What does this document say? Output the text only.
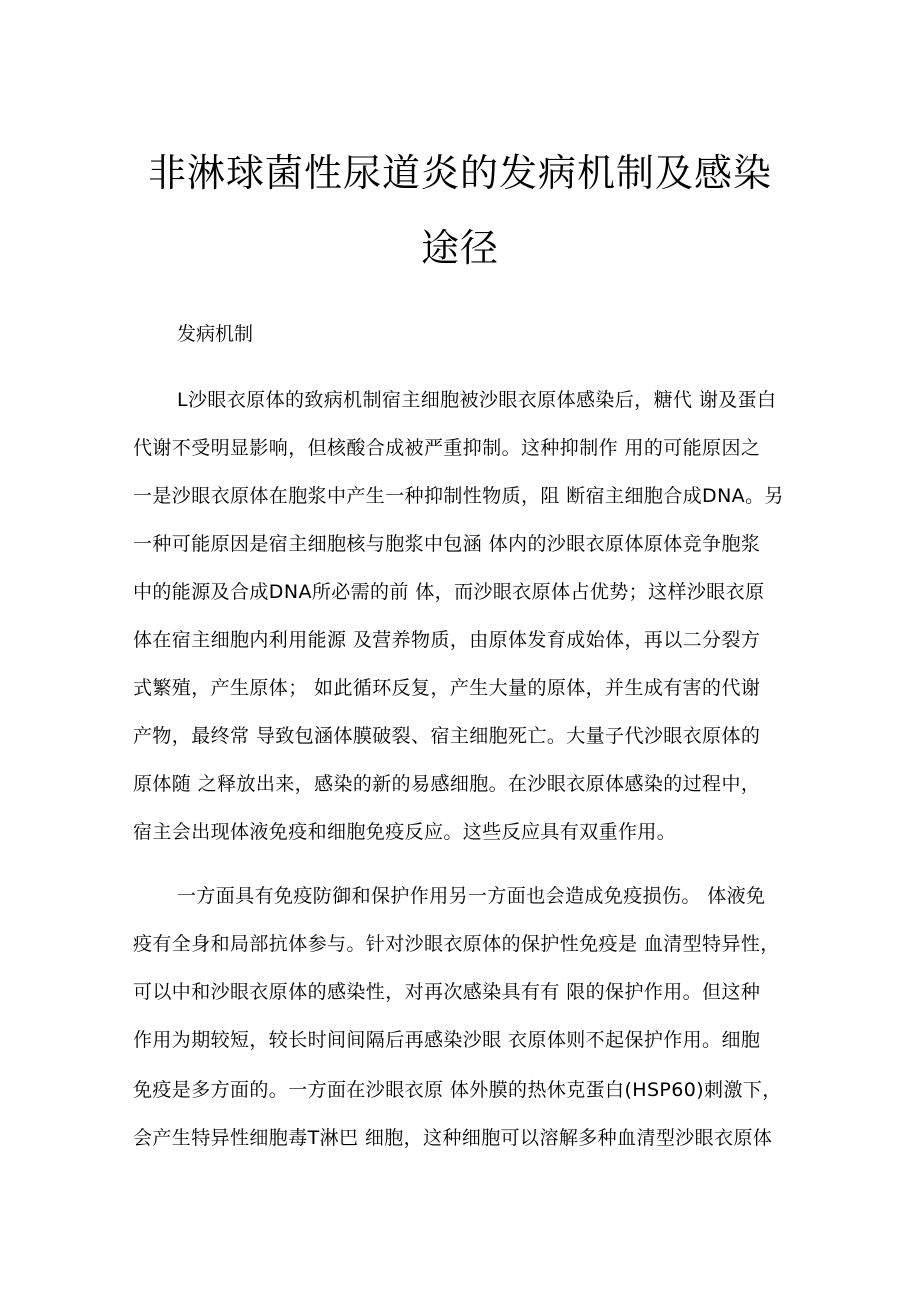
非淋球菌性尿道炎的发病机制及感染
途径
发病机制
L沙眼衣原体的致病机制宿主细胞被沙眼衣原体感染后，糖代 谢及蛋白
代谢不受明显影响，但核酸合成被严重抑制。这种抑制作 用的可能原因之
一是沙眼衣原体在胞浆中产生一种抑制性物质，阻 断宿主细胞合成DNA。另
一种可能原因是宿主细胞核与胞浆中包涵 体内的沙眼衣原体原体竞争胞浆
中的能源及合成DNA所必需的前 体，而沙眼衣原体占优势；这样沙眼衣原
体在宿主细胞内利用能源 及营养物质，由原体发育成始体，再以二分裂方
式繁殖，产生原体； 如此循环反复，产生大量的原体，并生成有害的代谢
产物，最终常 导致包涵体膜破裂、宿主细胞死亡。大量子代沙眼衣原体的
原体随 之释放出来，感染的新的易感细胞。在沙眼衣原体感染的过程中，
宿主会出现体液免疫和细胞免疫反应。这些反应具有双重作用。
一方面具有免疫防御和保护作用另一方面也会造成免疫损伤。 体液免
疫有全身和局部抗体参与。针对沙眼衣原体的保护性免疫是 血清型特异性，
可以中和沙眼衣原体的感染性，对再次感染具有有 限的保护作用。但这种
作用为期较短，较长时间间隔后再感染沙眼 衣原体则不起保护作用。细胞
免疫是多方面的。一方面在沙眼衣原 体外膜的热休克蛋白(HSP60)刺激下，
会产生特异性细胞毒T淋巴 细胞，这种细胞可以溶解多种血清型沙眼衣原体
